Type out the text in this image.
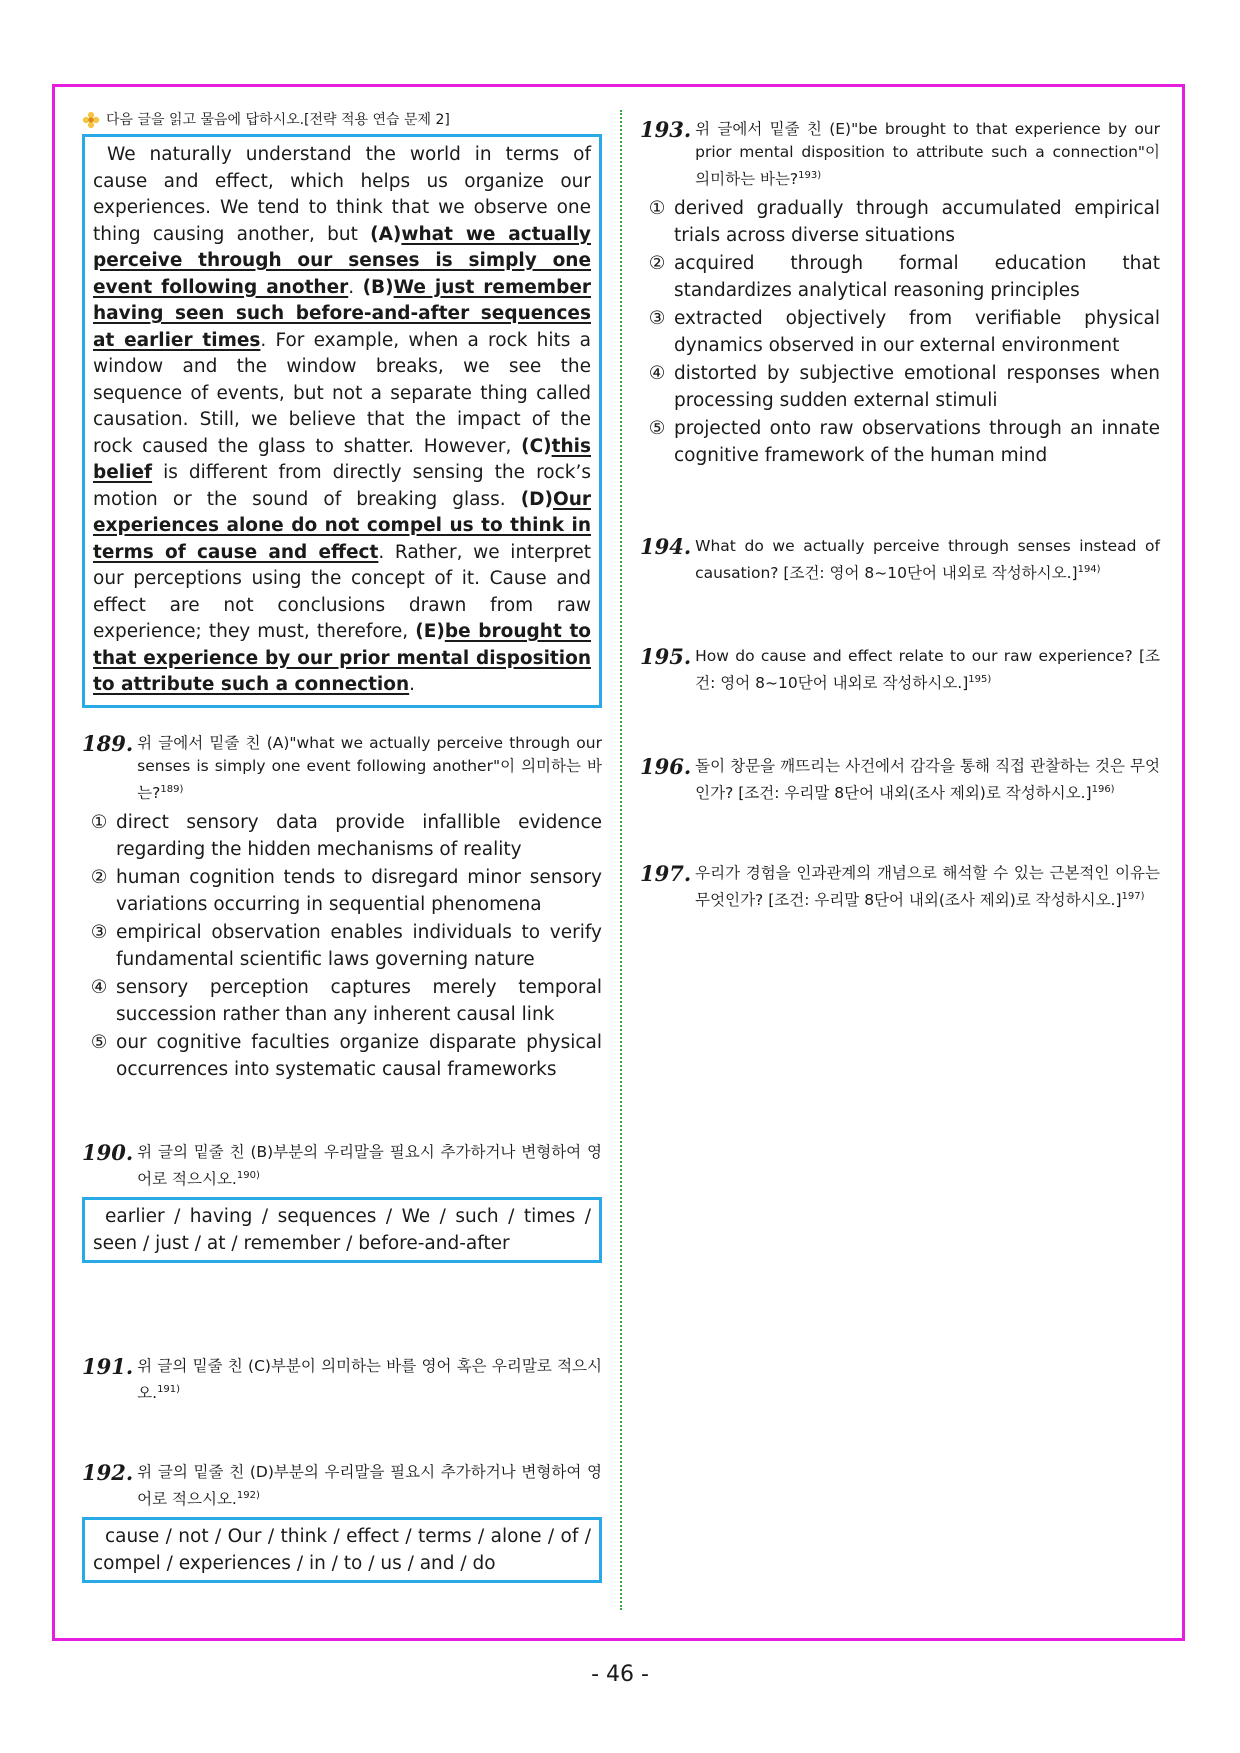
다음 글을 읽고 물음에 답하시오.[전략 적용 연습 문제 2]
We naturally understand the world in terms of cause and effect, which helps us organize our experiences. We tend to think that we observe one thing causing another, but (A)what we actually perceive through our senses is simply one event following another. (B)We just remember having seen such before-and-after sequences at earlier times. For example, when a rock hits a window and the window breaks, we see the sequence of events, but not a separate thing called causation. Still, we believe that the impact of the rock caused the glass to shatter. However, (C)this belief is different from directly sensing the rock’s motion or the sound of breaking glass. (D)Our experiences alone do not compel us to think in terms of cause and effect. Rather, we interpret our perceptions using the concept of it. Cause and effect are not conclusions drawn from raw experience; they must, therefore, (E)be brought to that experience by our prior mental disposition to attribute such a connection.
189. 위 글에서 밑줄 친 (A)"what we actually perceive through our senses is simply one event following another"이 의미하는 바는?$^{189)}$
① direct sensory data provide infallible evidence regarding the hidden mechanisms of reality
② human cognition tends to disregard minor sensory variations occurring in sequential phenomena
③ empirical observation enables individuals to verify fundamental scientific laws governing nature
④ sensory perception captures merely temporal succession rather than any inherent causal link
⑤ our cognitive faculties organize disparate physical occurrences into systematic causal frameworks
190. 위 글의 밑줄 친 (B)부분의 우리말을 필요시 추가하거나 변형하여 영어로 적으시오.$^{190)}$
earlier / having / sequences / We / such / times / seen / just / at / remember / before-and-after
191. 위 글의 밑줄 친 (C)부분이 의미하는 바를 영어 혹은 우리말로 적으시오.$^{191)}$
192. 위 글의 밑줄 친 (D)부분의 우리말을 필요시 추가하거나 변형하여 영어로 적으시오.$^{192)}$
cause / not / Our / think / effect / terms / alone / of / compel / experiences / in / to / us / and / do
193. 위 글에서 밑줄 친 (E)"be brought to that experience by our prior mental disposition to attribute such a connection"이 의미하는 바는?$^{193)}$
① derived gradually through accumulated empirical trials across diverse situations
② acquired through formal education that standardizes analytical reasoning principles
③ extracted objectively from verifiable physical dynamics observed in our external environment
④ distorted by subjective emotional responses when processing sudden external stimuli
⑤ projected onto raw observations through an innate cognitive framework of the human mind
194. What do we actually perceive through senses instead of causation? [조건: 영어 8~10단어 내외로 작성하시오.]$^{194)}$
195. How do cause and effect relate to our raw experience? [조건: 영어 8~10단어 내외로 작성하시오.]$^{195)}$
196. 돌이 창문을 깨뜨리는 사건에서 감각을 통해 직접 관찰하는 것은 무엇인가? [조건: 우리말 8단어 내외(조사 제외)로 작성하시오.]$^{196)}$
197. 우리가 경험을 인과관계의 개념으로 해석할 수 있는 근본적인 이유는 무엇인가? [조건: 우리말 8단어 내외(조사 제외)로 작성하시오.]$^{197)}$
- 46 -
